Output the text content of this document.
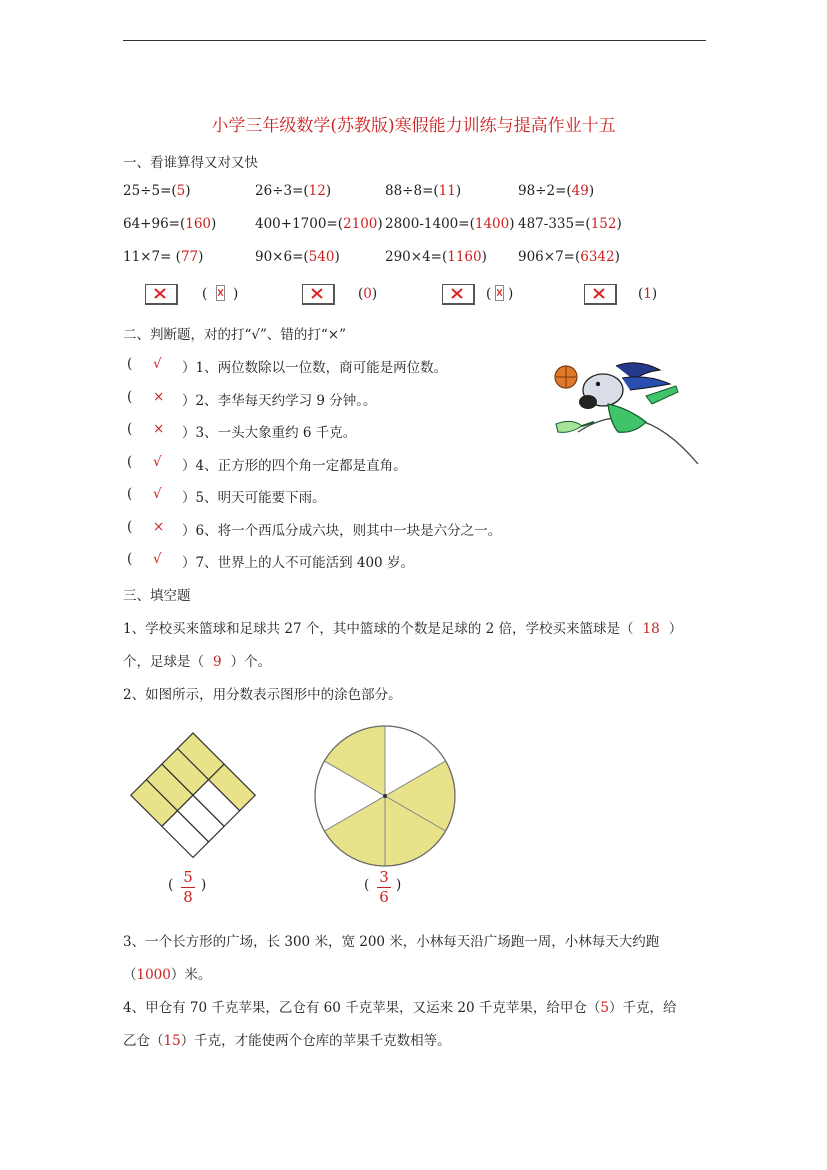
小学三年级数学(苏教版)寒假能力训练与提高作业十五
一、看谁算得又对又快
25÷5=(5)	26÷3=(12)	88÷8=(11)	98÷2=(49)
64+96=(160)	400+1700=(2100) 2800-1400=(1400) 487-335=(152)
11×7= (77)	90×6=(540)	290×4=(1160) 906×7=(6342)
( )	(0)	( )	(1)
二、判断题，对的打“√”、错的打“×”
( √ ）1、两位数除以一位数，商可能是两位数。
( × ）2、李华每天约学习 9 分钟。。
( × ）3、一头大象重约 6 千克。
( √ ）4、正方形的四个角一定都是直角。
( √ ）5、明天可能要下雨。
( × ）6、将一个西瓜分成六块，则其中一块是六分之一。
( √ ）7、世界上的人不可能活到 400 岁。
三、填空题
1、学校买来篮球和足球共 27 个，其中篮球的个数是足球的 2 倍，学校买来篮球是（ 18 ）
个，足球是（ 9 ）个。
2、如图所示，用分数表示图形中的涂色部分。
( 5
8
)	( 3
6
)
3、一个长方形的广场，长 300 米，宽 200 米，小林每天沿广场跑一周，小林每天大约跑
（1000）米。
4、甲仓有 70 千克苹果，乙仓有 60 千克苹果，又运来 20 千克苹果，给甲仓（5）千克，给
乙仓（15）千克，才能使两个仓库的苹果千克数相等。
